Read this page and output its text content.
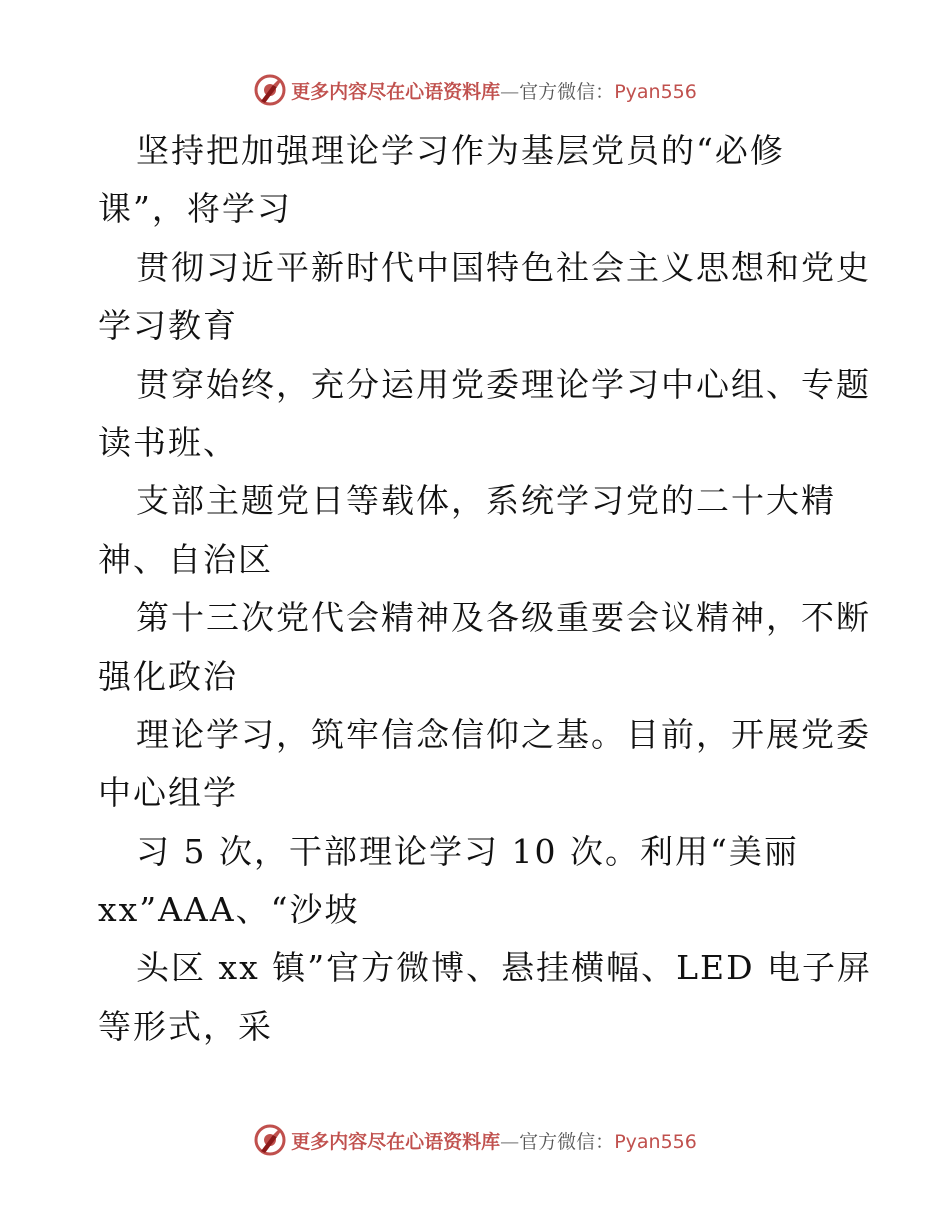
更多内容尽在心语资料库—官方微信：Pyan556
坚持把加强理论学习作为基层党员的“必修
课”，将学习
贯彻习近平新时代中国特色社会主义思想和党史
学习教育
贯穿始终，充分运用党委理论学习中心组、专题
读书班、
支部主题党日等载体，系统学习党的二十大精
神、自治区
第十三次党代会精神及各级重要会议精神，不断
强化政治
理论学习，筑牢信念信仰之基。目前，开展党委
中心组学
习 5 次，干部理论学习 10 次。利用“美丽
xx”AAA、“沙坡
头区 xx 镇”官方微博、悬挂横幅、LED 电子屏
等形式，采
更多内容尽在心语资料库—官方微信：Pyan556
